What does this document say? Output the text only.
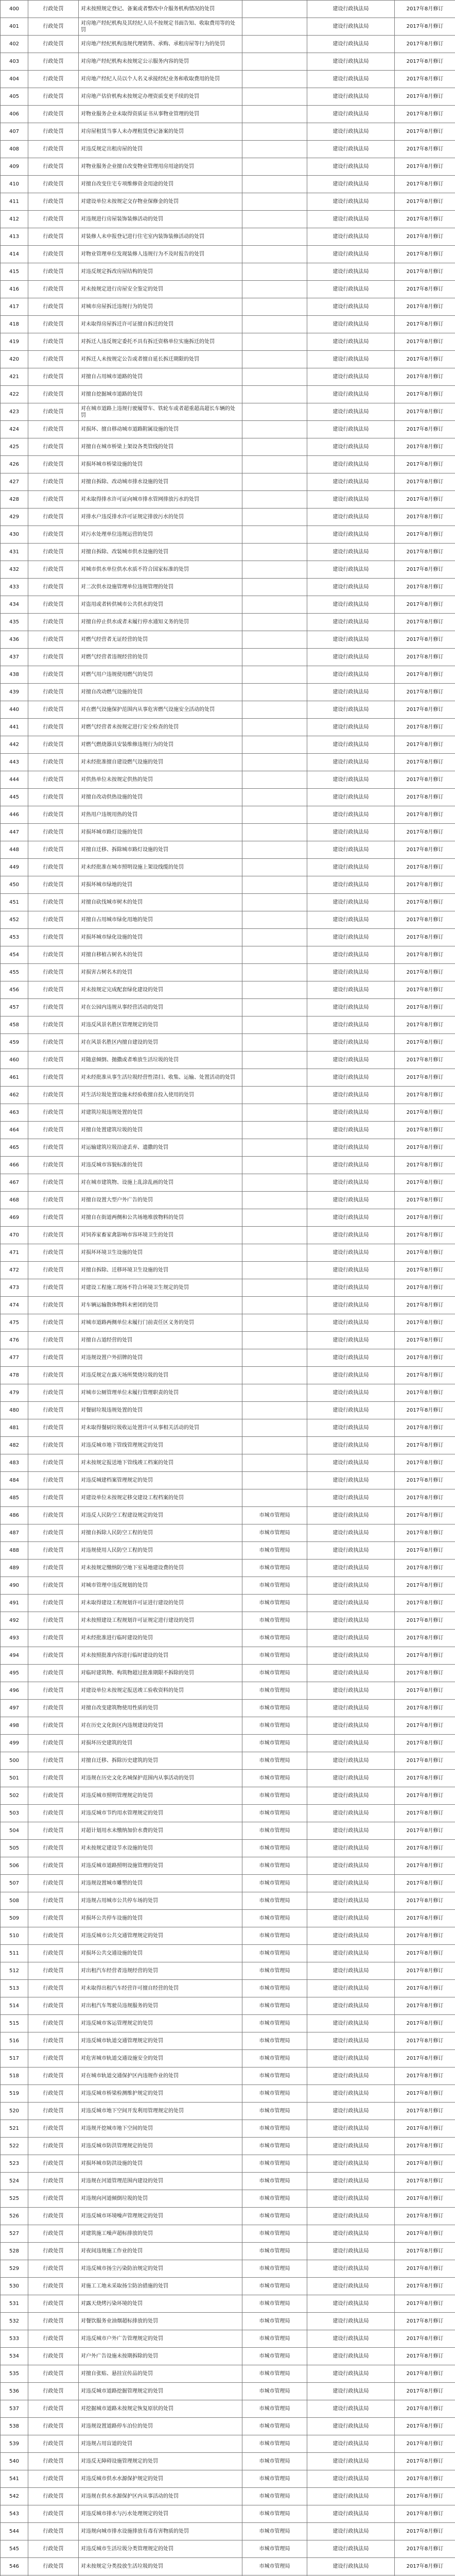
400	行政处罚	对未按照规定登记、备案或者整改中介服务机构情况的处罚		建设行政执法局	2017年8月修订
401	行政处罚	对房地产经纪机构及其经纪人员不按规定书面告知、收取费用等的处罚		建设行政执法局	2017年8月修订
402	行政处罚	对房地产经纪机构违规代理销售、承购、承租房屋等行为的处罚		建设行政执法局	2017年8月修订
403	行政处罚	对房地产经纪机构未按规定公示服务内容的处罚		建设行政执法局	2017年8月修订
404	行政处罚	对房地产经纪人员以个人名义承接经纪业务和收取费用的处罚		建设行政执法局	2017年8月修订
405	行政处罚	对房地产估价机构未按规定办理资质变更手续的处罚		建设行政执法局	2017年8月修订
406	行政处罚	对物业服务企业未取得资质证书从事物业管理的处罚		建设行政执法局	2017年8月修订
407	行政处罚	对房屋租赁当事人未办理租赁登记备案的处罚		建设行政执法局	2017年8月修订
408	行政处罚	对违反规定出租房屋的处罚		建设行政执法局	2017年8月修订
409	行政处罚	对物业服务企业擅自改变物业管理用房用途的处罚		建设行政执法局	2017年8月修订
410	行政处罚	对擅自改变住宅专项维修资金用途的处罚		建设行政执法局	2017年8月修订
411	行政处罚	对建设单位未按规定交存物业保修金的处罚		建设行政执法局	2017年8月修订
412	行政处罚	对违规进行房屋装饰装修活动的处罚		建设行政执法局	2017年8月修订
413	行政处罚	对装修人未申报登记进行住宅室内装饰装修活动的处罚		建设行政执法局	2017年8月修订
414	行政处罚	对物业管理单位发现装修人违规行为不及时报告的处罚		建设行政执法局	2017年8月修订
415	行政处罚	对违反规定拆改房屋结构的处罚		建设行政执法局	2017年8月修订
416	行政处罚	对未按规定进行房屋安全鉴定的处罚		建设行政执法局	2017年8月修订
417	行政处罚	对城市房屋拆迁违规行为的处罚		建设行政执法局	2017年8月修订
418	行政处罚	对未取得房屋拆迁许可证擅自拆迁的处罚		建设行政执法局	2017年8月修订
419	行政处罚	对拆迁人违反规定委托不具有拆迁资格单位实施拆迁的处罚		建设行政执法局	2017年8月修订
420	行政处罚	对拆迁人未按规定公告或者擅自延长拆迁期限的处罚		建设行政执法局	2017年8月修订
421	行政处罚	对擅自占用城市道路的处罚		建设行政执法局	2017年8月修订
422	行政处罚	对擅自挖掘城市道路的处罚		建设行政执法局	2017年8月修订
423	行政处罚	对在城市道路上违规行驶履带车、铁轮车或者超重超高超长车辆的处罚		建设行政执法局	2017年8月修订
424	行政处罚	对损坏、擅自移动城市道路附属设施的处罚		建设行政执法局	2017年8月修订
425	行政处罚	对擅自在城市桥梁上架设各类管线的处罚		建设行政执法局	2017年8月修订
426	行政处罚	对损坏城市桥梁设施的处罚		建设行政执法局	2017年8月修订
427	行政处罚	对擅自拆除、改动城市排水设施的处罚		建设行政执法局	2017年8月修订
428	行政处罚	对未取得排水许可证向城市排水管网排放污水的处罚		建设行政执法局	2017年8月修订
429	行政处罚	对排水户违反排水许可证规定排放污水的处罚		建设行政执法局	2017年8月修订
430	行政处罚	对污水处理单位违规运营的处罚		建设行政执法局	2017年8月修订
431	行政处罚	对擅自拆除、改装城市供水设施的处罚		建设行政执法局	2017年8月修订
432	行政处罚	对城市供水单位供水水质不符合国家标准的处罚		建设行政执法局	2017年8月修订
433	行政处罚	对二次供水设施管理单位违规管理的处罚		建设行政执法局	2017年8月修订
434	行政处罚	对盗用或者转供城市公共供水的处罚		建设行政执法局	2017年8月修订
435	行政处罚	对擅自停止供水或者未履行停水通知义务的处罚		建设行政执法局	2017年8月修订
436	行政处罚	对燃气经营者无证经营的处罚		建设行政执法局	2017年8月修订
437	行政处罚	对燃气经营者违规经营的处罚		建设行政执法局	2017年8月修订
438	行政处罚	对燃气用户违规使用燃气的处罚		建设行政执法局	2017年8月修订
439	行政处罚	对擅自改动燃气设施的处罚		建设行政执法局	2017年8月修订
440	行政处罚	对在燃气设施保护范围内从事危害燃气设施安全活动的处罚		建设行政执法局	2017年8月修订
441	行政处罚	对燃气经营者未按规定进行安全检查的处罚		建设行政执法局	2017年8月修订
442	行政处罚	对燃气燃烧器具安装维修违规行为的处罚		建设行政执法局	2017年8月修订
443	行政处罚	对未经批准擅自建设燃气设施的处罚		建设行政执法局	2017年8月修订
444	行政处罚	对供热单位未按规定供热的处罚		建设行政执法局	2017年8月修订
445	行政处罚	对擅自改动供热设施的处罚		建设行政执法局	2017年8月修订
446	行政处罚	对热用户违规用热的处罚		建设行政执法局	2017年8月修订
447	行政处罚	对损坏城市路灯设施的处罚		建设行政执法局	2017年8月修订
448	行政处罚	对擅自迁移、拆除城市路灯设施的处罚		建设行政执法局	2017年8月修订
449	行政处罚	对未经批准在城市照明设施上架设线缆的处罚		建设行政执法局	2017年8月修订
450	行政处罚	对损坏城市绿地的处罚		建设行政执法局	2017年8月修订
451	行政处罚	对擅自砍伐城市树木的处罚		建设行政执法局	2017年8月修订
452	行政处罚	对擅自占用城市绿化用地的处罚		建设行政执法局	2017年8月修订
453	行政处罚	对损坏城市绿化设施的处罚		建设行政执法局	2017年8月修订
454	行政处罚	对擅自移植古树名木的处罚		建设行政执法局	2017年8月修订
455	行政处罚	对损害古树名木的处罚		建设行政执法局	2017年8月修订
456	行政处罚	对未按规定完成配套绿化建设的处罚		建设行政执法局	2017年8月修订
457	行政处罚	对在公园内违规从事经营活动的处罚		建设行政执法局	2017年8月修订
458	行政处罚	对违反风景名胜区管理规定的处罚		建设行政执法局	2017年8月修订
459	行政处罚	对在风景名胜区内擅自建设的处罚		建设行政执法局	2017年8月修订
460	行政处罚	对随意倾倒、抛撒或者堆放生活垃圾的处罚		建设行政执法局	2017年8月修订
461	行政处罚	对未经批准从事生活垃圾经营性清扫、收集、运输、处置活动的处罚		建设行政执法局	2017年8月修订
462	行政处罚	对生活垃圾处置设施未经验收擅自投入使用的处罚		建设行政执法局	2017年8月修订
463	行政处罚	对建筑垃圾违规处置的处罚		建设行政执法局	2017年8月修订
464	行政处罚	对擅自处置建筑垃圾的处罚		建设行政执法局	2017年8月修订
465	行政处罚	对运输建筑垃圾沿途丢弃、遗撒的处罚		建设行政执法局	2017年8月修订
466	行政处罚	对违反城市容貌标准的处罚		建设行政执法局	2017年8月修订
467	行政处罚	对在城市建筑物、设施上乱涂乱画的处罚		建设行政执法局	2017年8月修订
468	行政处罚	对擅自设置大型户外广告的处罚		建设行政执法局	2017年8月修订
469	行政处罚	对擅自在街道两侧和公共场地堆放物料的处罚		建设行政执法局	2017年8月修订
470	行政处罚	对饲养家畜家禽影响市容环境卫生的处罚		建设行政执法局	2017年8月修订
471	行政处罚	对损坏环境卫生设施的处罚		建设行政执法局	2017年8月修订
472	行政处罚	对擅自拆除、迁移环境卫生设施的处罚		建设行政执法局	2017年8月修订
473	行政处罚	对建设工程施工现场不符合环境卫生规定的处罚		建设行政执法局	2017年8月修订
474	行政处罚	对车辆运输散体物料未密闭的处罚		建设行政执法局	2017年8月修订
475	行政处罚	对城市道路两侧单位未履行门前责任区义务的处罚		建设行政执法局	2017年8月修订
476	行政处罚	对擅自占道经营的处罚		建设行政执法局	2017年8月修订
477	行政处罚	对违规设置户外招牌的处罚		建设行政执法局	2017年8月修订
478	行政处罚	对违反规定在露天场所焚烧垃圾的处罚		建设行政执法局	2017年8月修订
479	行政处罚	对城市公厕管理单位未履行管理职责的处罚		建设行政执法局	2017年8月修订
480	行政处罚	对餐厨垃圾违规处置的处罚		建设行政执法局	2017年8月修订
481	行政处罚	对未取得餐厨垃圾收运处置许可从事相关活动的处罚		建设行政执法局	2017年8月修订
482	行政处罚	对违反城市地下管线管理规定的处罚		建设行政执法局	2017年8月修订
483	行政处罚	对未按规定报送地下管线竣工档案的处罚		建设行政执法局	2017年8月修订
484	行政处罚	对违反城建档案管理规定的处罚		建设行政执法局	2017年8月修订
485	行政处罚	对建设单位未按规定移交建设工程档案的处罚		建设行政执法局	2017年8月修订
486	行政处罚	对违反人民防空工程建设规定的处罚	市城市管理局	建设行政执法局	2017年8月修订
487	行政处罚	对擅自拆除人民防空工程的处罚	市城市管理局	建设行政执法局	2017年8月修订
488	行政处罚	对违规使用人民防空工程的处罚	市城市管理局	建设行政执法局	2017年8月修订
489	行政处罚	对未按规定缴纳防空地下室易地建设费的处罚	市城市管理局	建设行政执法局	2017年8月修订
490	行政处罚	对城市管理中违反规划的处罚	市城市管理局	建设行政执法局	2017年8月修订
491	行政处罚	对未取得建设工程规划许可证进行建设的处罚	市城市管理局	建设行政执法局	2017年8月修订
492	行政处罚	对未按照建设工程规划许可证规定进行建设的处罚	市城市管理局	建设行政执法局	2017年8月修订
493	行政处罚	对未经批准进行临时建设的处罚	市城市管理局	建设行政执法局	2017年8月修订
494	行政处罚	对未按照批准内容进行临时建设的处罚	市城市管理局	建设行政执法局	2017年8月修订
495	行政处罚	对临时建筑物、构筑物超过批准期限不拆除的处罚	市城市管理局	建设行政执法局	2017年8月修订
496	行政处罚	对建设单位未按规定报送竣工验收资料的处罚	市城市管理局	建设行政执法局	2017年8月修订
497	行政处罚	对擅自改变建筑物使用性质的处罚	市城市管理局	建设行政执法局	2017年8月修订
498	行政处罚	对在历史文化街区内违规建设的处罚	市城市管理局	建设行政执法局	2017年8月修订
499	行政处罚	对损坏历史建筑的处罚	市城市管理局	建设行政执法局	2017年8月修订
500	行政处罚	对擅自迁移、拆除历史建筑的处罚	市城市管理局	建设行政执法局	2017年8月修订
501	行政处罚	对违规在历史文化名城保护范围内从事活动的处罚	市城市管理局	建设行政执法局	2017年8月修订
502	行政处罚	对违反城市照明管理规定的处罚	市城市管理局	建设行政执法局	2017年8月修订
503	行政处罚	对违反城市节约用水管理规定的处罚	市城市管理局	建设行政执法局	2017年8月修订
504	行政处罚	对超计划用水未缴纳加价水费的处罚	市城市管理局	建设行政执法局	2017年8月修订
505	行政处罚	对未按规定建设节水设施的处罚	市城市管理局	建设行政执法局	2017年8月修订
506	行政处罚	对违反城市道路照明设施管理的处罚	市城市管理局	建设行政执法局	2017年8月修订
507	行政处罚	对违规设置城市雕塑的处罚	市城市管理局	建设行政执法局	2017年8月修订
508	行政处罚	对违规占用城市公共停车场的处罚	市城市管理局	建设行政执法局	2017年8月修订
509	行政处罚	对损坏公共停车设施的处罚	市城市管理局	建设行政执法局	2017年8月修订
510	行政处罚	对违反城市公共交通管理规定的处罚	市城市管理局	建设行政执法局	2017年8月修订
511	行政处罚	对损坏公共交通设施的处罚	市城市管理局	建设行政执法局	2017年8月修订
512	行政处罚	对出租汽车经营者违规经营的处罚	市城市管理局	建设行政执法局	2017年8月修订
513	行政处罚	对未取得出租汽车经营许可擅自经营的处罚	市城市管理局	建设行政执法局	2017年8月修订
514	行政处罚	对出租汽车驾驶员违规服务的处罚	市城市管理局	建设行政执法局	2017年8月修订
515	行政处罚	对违反城市客运管理规定的处罚	市城市管理局	建设行政执法局	2017年8月修订
516	行政处罚	对违反城市轨道交通管理规定的处罚	市城市管理局	建设行政执法局	2017年8月修订
517	行政处罚	对危害城市轨道交通设施安全的处罚	市城市管理局	建设行政执法局	2017年8月修订
518	行政处罚	对在城市轨道交通保护区内违规作业的处罚	市城市管理局	建设行政执法局	2017年8月修订
519	行政处罚	对违反城市桥梁检测维护规定的处罚	市城市管理局	建设行政执法局	2017年8月修订
520	行政处罚	对违反城市地下空间开发利用管理规定的处罚	市城市管理局	建设行政执法局	2017年8月修订
521	行政处罚	对违规开挖城市地下空间的处罚	市城市管理局	建设行政执法局	2017年8月修订
522	行政处罚	对违反城市防洪管理规定的处罚	市城市管理局	建设行政执法局	2017年8月修订
523	行政处罚	对损坏城市防洪设施的处罚	市城市管理局	建设行政执法局	2017年8月修订
524	行政处罚	对违规在河道管理范围内建设的处罚	市城市管理局	建设行政执法局	2017年8月修订
525	行政处罚	对违规向河道倾倒垃圾的处罚	市城市管理局	建设行政执法局	2017年8月修订
526	行政处罚	对违反城市环境噪声管理规定的处罚	市城市管理局	建设行政执法局	2017年8月修订
527	行政处罚	对建筑施工噪声超标排放的处罚	市城市管理局	建设行政执法局	2017年8月修订
528	行政处罚	对夜间违规施工作业的处罚	市城市管理局	建设行政执法局	2017年8月修订
529	行政处罚	对违反城市扬尘污染防治规定的处罚	市城市管理局	建设行政执法局	2017年8月修订
530	行政处罚	对施工工地未采取扬尘防治措施的处罚	市城市管理局	建设行政执法局	2017年8月修订
531	行政处罚	对露天烧烤污染环境的处罚	市城市管理局	建设行政执法局	2017年8月修订
532	行政处罚	对餐饮服务业油烟超标排放的处罚	市城市管理局	建设行政执法局	2017年8月修订
533	行政处罚	对违反城市户外广告管理规定的处罚	市城市管理局	建设行政执法局	2017年8月修订
534	行政处罚	对户外广告设施未按期拆除的处罚	市城市管理局	建设行政执法局	2017年8月修订
535	行政处罚	对擅自张贴、悬挂宣传品的处罚	市城市管理局	建设行政执法局	2017年8月修订
536	行政处罚	对违反城市道路挖掘管理规定的处罚	市城市管理局	建设行政执法局	2017年8月修订
537	行政处罚	对挖掘城市道路未按规定恢复原状的处罚	市城市管理局	建设行政执法局	2017年8月修订
538	行政处罚	对违规设置道路停车泊位的处罚	市城市管理局	建设行政执法局	2017年8月修订
539	行政处罚	对违规占用盲道的处罚	市城市管理局	建设行政执法局	2017年8月修订
540	行政处罚	对违反无障碍设施管理规定的处罚	市城市管理局	建设行政执法局	2017年8月修订
541	行政处罚	对违反城市供水水源保护规定的处罚	市城市管理局	建设行政执法局	2017年8月修订
542	行政处罚	对违规在供水水源保护区内从事活动的处罚	市城市管理局	建设行政执法局	2017年8月修订
543	行政处罚	对违反城市排水与污水处理规定的处罚	市城市管理局	建设行政执法局	2017年8月修订
544	行政处罚	对违规向城市排水设施排放有毒有害物质的处罚	市城市管理局	建设行政执法局	2017年8月修订
545	行政处罚	对违反城市生活垃圾分类管理规定的处罚	市城市管理局	建设行政执法局	2017年8月修订
546	行政处罚	对未按规定分类投放生活垃圾的处罚	市城市管理局	建设行政执法局	2017年8月修订
